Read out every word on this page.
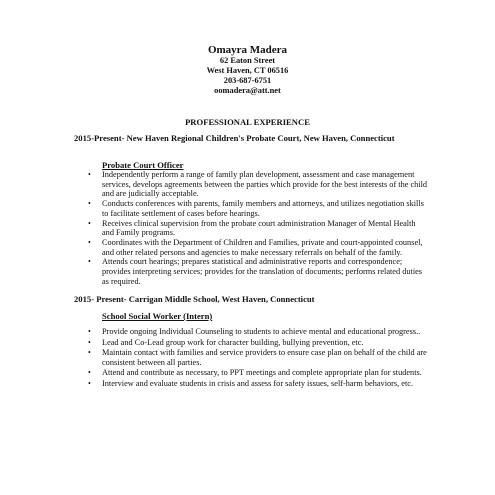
Omayra Madera
62 Eaton Street
West Haven, CT 06516
203-687-6751
oomadera@att.net
PROFESSIONAL EXPERIENCE
2015-Present- New Haven Regional Children's Probate Court, New Haven, Connecticut
Probate Court Officer
• Independently perform a range of family plan development, assessment and case management services, develops agreements between the parties which provide for the best interests of the child and are judicially acceptable.
• Conducts conferences with parents, family members and attorneys, and utilizes negotiation skills to facilitate settlement of cases before hearings.
• Receives clinical supervision from the probate court administration Manager of Mental Health and Family programs.
• Coordinates with the Department of Children and Families, private and court-appointed counsel, and other related persons and agencies to make necessary referrals on behalf of the family.
• Attends court hearings; prepares statistical and administrative reports and correspondence; provides interpreting services; provides for the translation of documents; performs related duties as required.
2015- Present- Carrigan Middle School, West Haven, Connecticut
School Social Worker (Intern)
• Provide ongoing Individual Counseling to students to achieve mental and educational progress..
• Lead and Co-Lead group work for character building, bullying prevention, etc.
• Maintain contact with families and service providers to ensure case plan on behalf of the child are consistent between all parties.
• Attend and contribute as necessary, to PPT meetings and complete appropriate plan for students.
• Interview and evaluate students in crisis and assess for safety issues, self-harm behaviors, etc.
